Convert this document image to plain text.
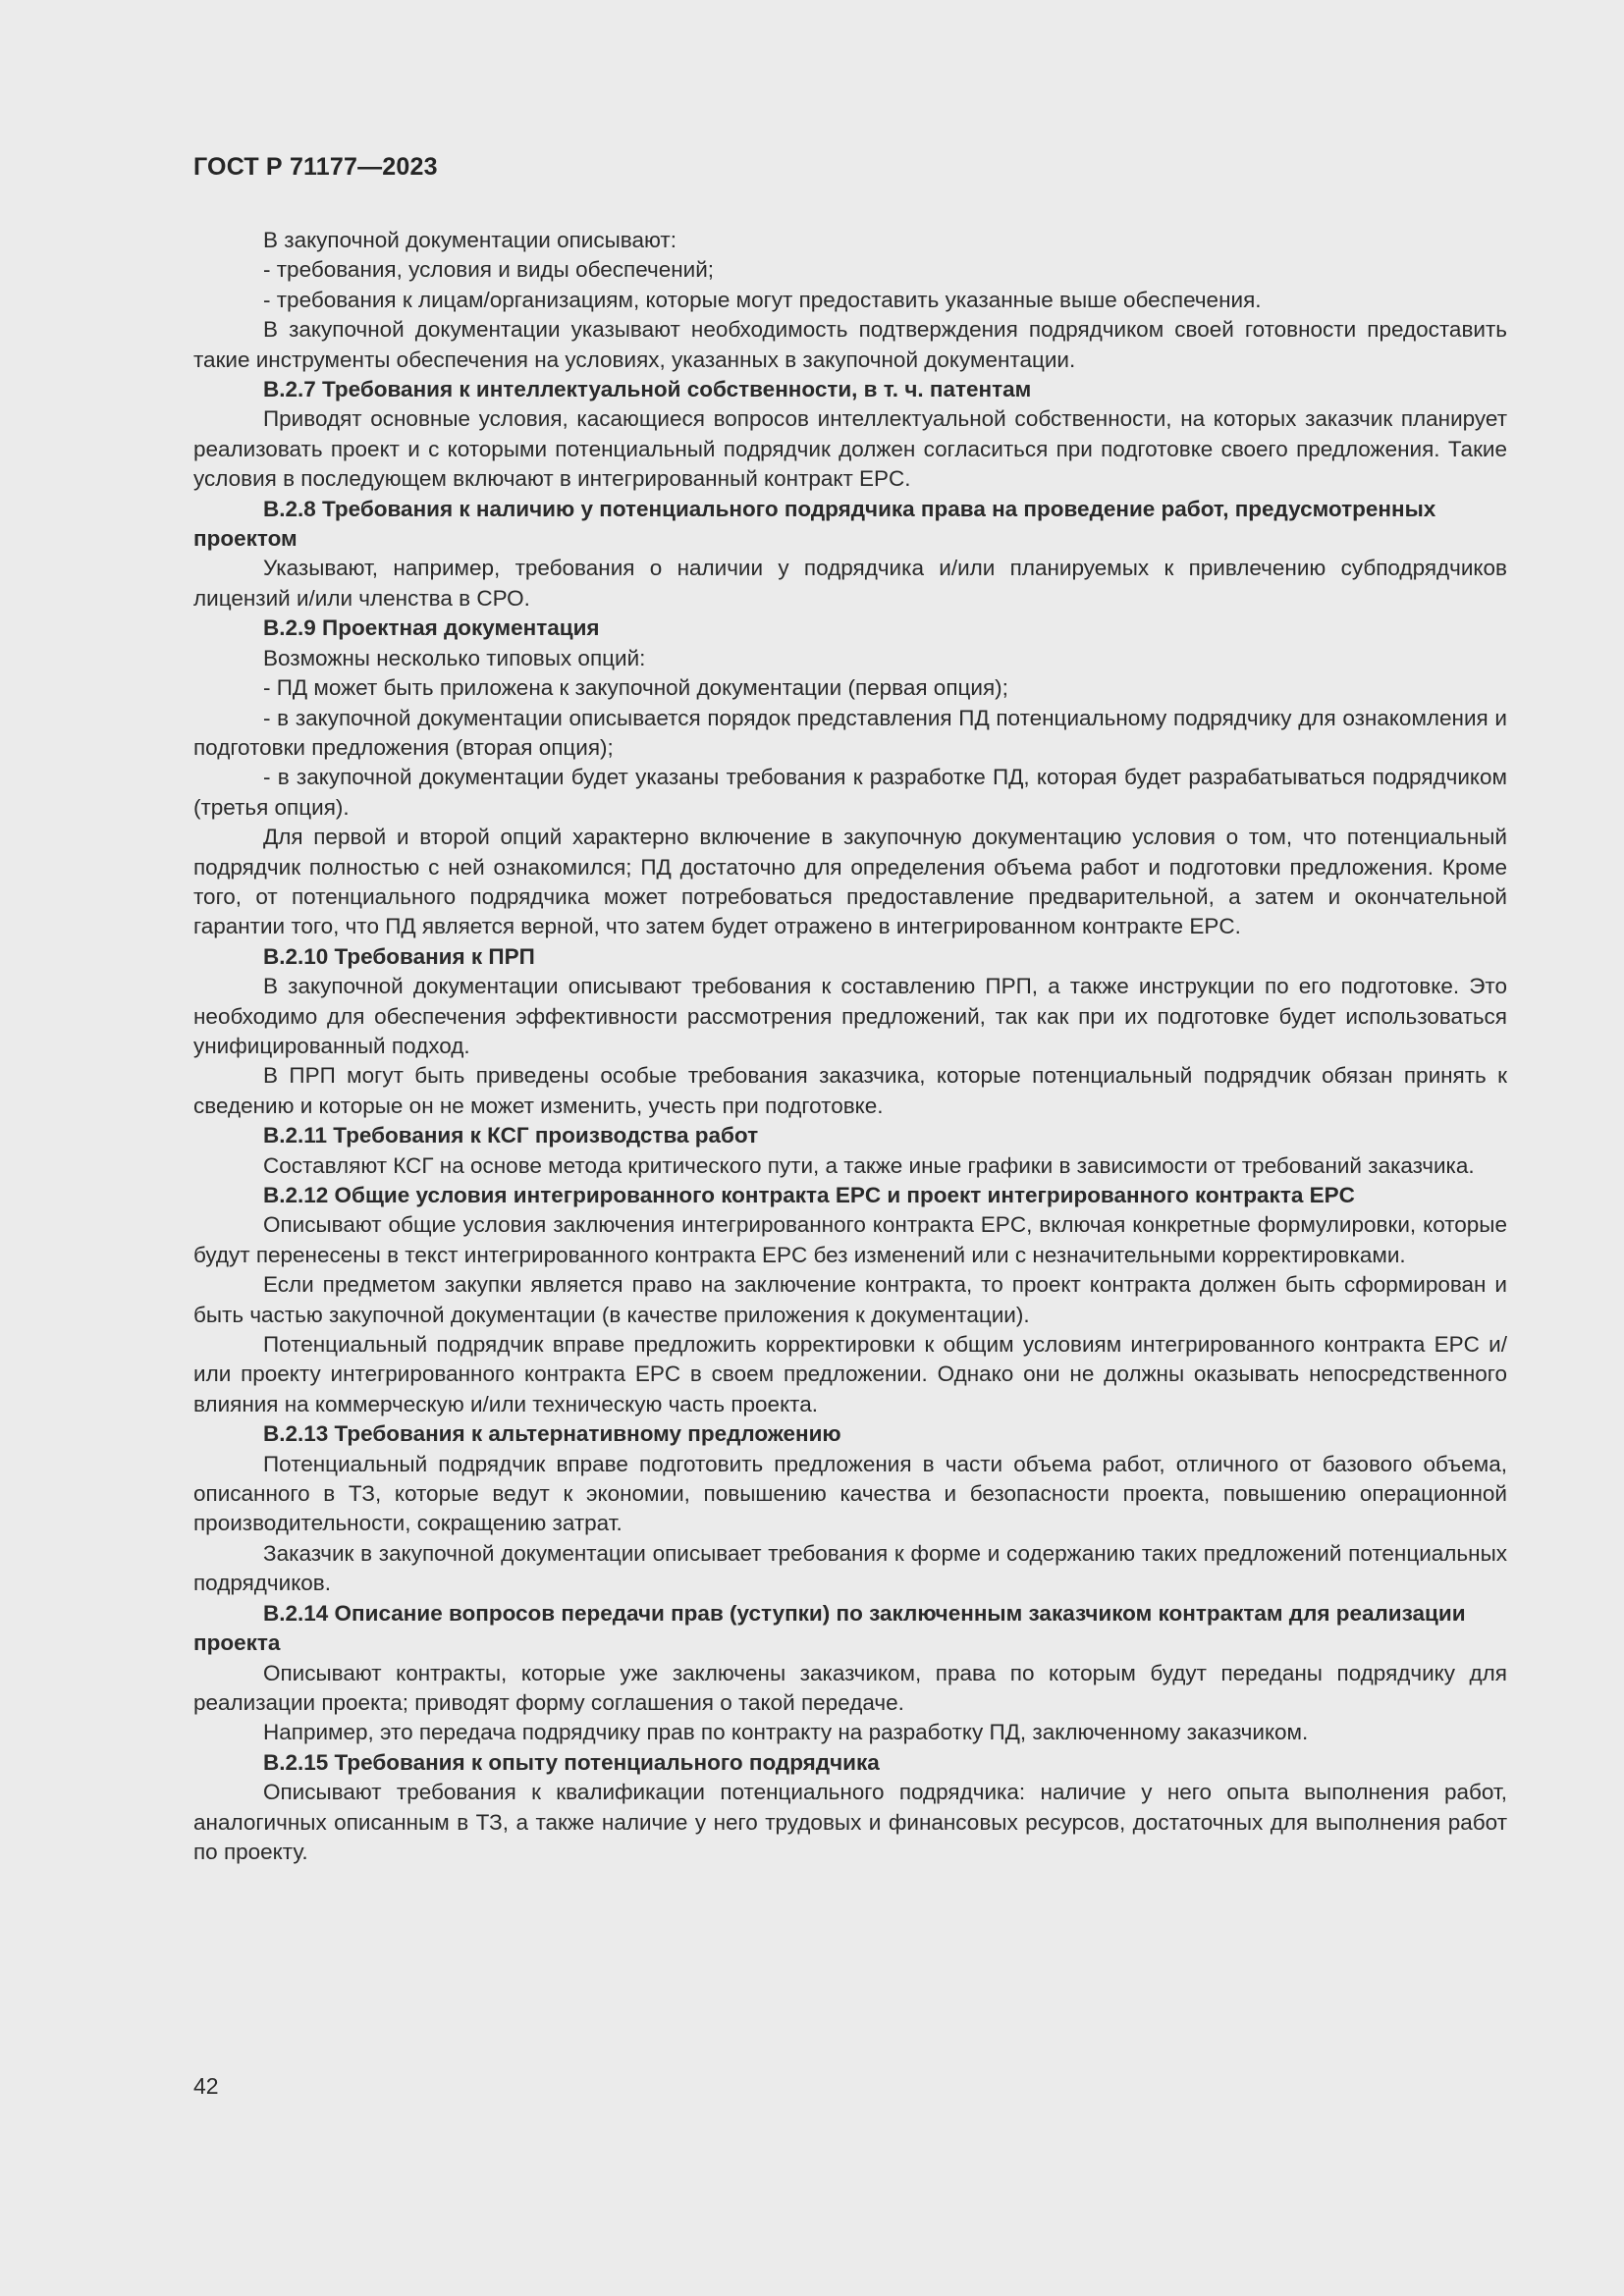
ГОСТ Р 71177—2023

В закупочной документации описывают:

- требования, условия и виды обеспечений;

- требования к лицам/организациям, которые могут предоставить указанные выше обеспечения.

В закупочной документации указывают необходимость подтверждения подрядчиком своей готовности предоставить такие инструменты обеспечения на условиях, указанных в закупочной документации.

В.2.7 Требования к интеллектуальной собственности, в т. ч. патентам

Приводят основные условия, касающиеся вопросов интеллектуальной собственности, на которых заказчик планирует реализовать проект и с которыми потенциальный подрядчик должен согласиться при подготовке своего предложения. Такие условия в последующем включают в интегрированный контракт EPC.

В.2.8 Требования к наличию у потенциального подрядчика права на проведение работ, предусмотренных проектом

Указывают, например, требования о наличии у подрядчика и/или планируемых к привлечению субподрядчиков лицензий и/или членства в СРО.

В.2.9 Проектная документация

Возможны несколько типовых опций:

- ПД может быть приложена к закупочной документации (первая опция);

- в закупочной документации описывается порядок представления ПД потенциальному подрядчику для ознакомления и подготовки предложения (вторая опция);

- в закупочной документации будет указаны требования к разработке ПД, которая будет разрабатываться подрядчиком (третья опция).

Для первой и второй опций характерно включение в закупочную документацию условия о том, что потенциальный подрядчик полностью с ней ознакомился; ПД достаточно для определения объема работ и подготовки предложения. Кроме того, от потенциального подрядчика может потребоваться предоставление предварительной, а затем и окончательной гарантии того, что ПД является верной, что затем будет отражено в интегрированном контракте EPC.

В.2.10 Требования к ПРП

В закупочной документации описывают требования к составлению ПРП, а также инструкции по его подготовке. Это необходимо для обеспечения эффективности рассмотрения предложений, так как при их подготовке будет использоваться унифицированный подход.

В ПРП могут быть приведены особые требования заказчика, которые потенциальный подрядчик обязан принять к сведению и которые он не может изменить, учесть при подготовке.

В.2.11 Требования к КСГ производства работ

Составляют КСГ на основе метода критического пути, а также иные графики в зависимости от требований заказчика.

В.2.12 Общие условия интегрированного контракта EPC и проект интегрированного контракта EPC

Описывают общие условия заключения интегрированного контракта EPC, включая конкретные формулировки, которые будут перенесены в текст интегрированного контракта EPC без изменений или с незначительными корректировками.

Если предметом закупки является право на заключение контракта, то проект контракта должен быть сформирован и быть частью закупочной документации (в качестве приложения к документации).

Потенциальный подрядчик вправе предложить корректировки к общим условиям интегрированного контракта EPC и/или проекту интегрированного контракта EPC в своем предложении. Однако они не должны оказывать непосредственного влияния на коммерческую и/или техническую часть проекта.

В.2.13 Требования к альтернативному предложению

Потенциальный подрядчик вправе подготовить предложения в части объема работ, отличного от базового объема, описанного в ТЗ, которые ведут к экономии, повышению качества и безопасности проекта, повышению операционной производительности, сокращению затрат.

Заказчик в закупочной документации описывает требования к форме и содержанию таких предложений потенциальных подрядчиков.

В.2.14 Описание вопросов передачи прав (уступки) по заключенным заказчиком контрактам для реализации проекта

Описывают контракты, которые уже заключены заказчиком, права по которым будут переданы подрядчику для реализации проекта; приводят форму соглашения о такой передаче.

Например, это передача подрядчику прав по контракту на разработку ПД, заключенному заказчиком.

В.2.15 Требования к опыту потенциального подрядчика

Описывают требования к квалификации потенциального подрядчика: наличие у него опыта выполнения работ, аналогичных описанным в ТЗ, а также наличие у него трудовых и финансовых ресурсов, достаточных для выполнения работ по проекту.

42
